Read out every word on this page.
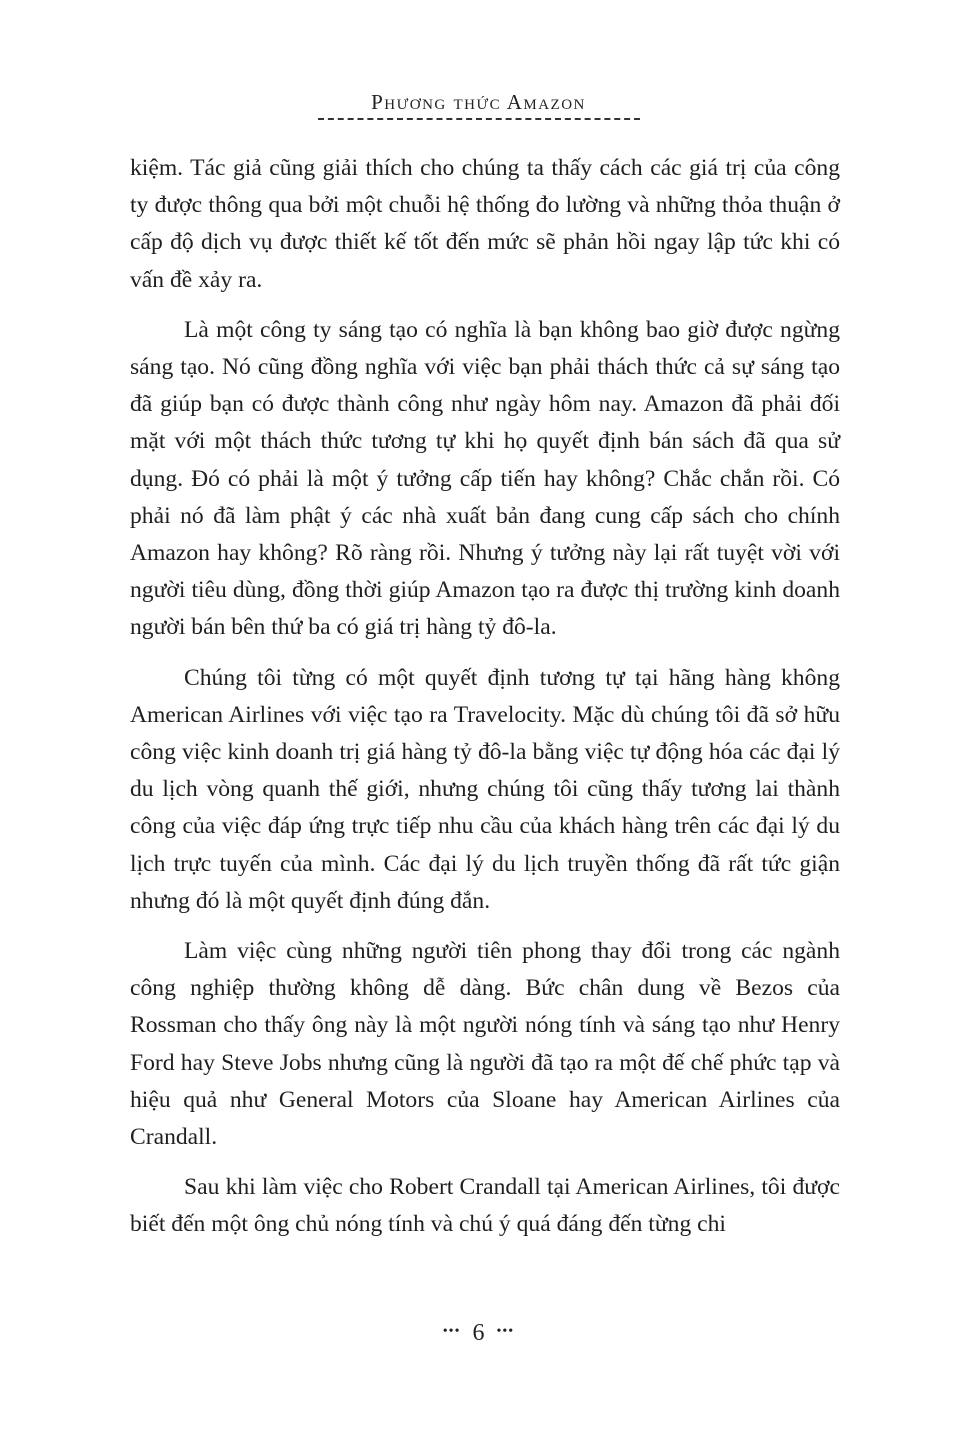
Phương thức Amazon

kiệm. Tác giả cũng giải thích cho chúng ta thấy cách các giá trị của công ty được thông qua bởi một chuỗi hệ thống đo lường và những thỏa thuận ở cấp độ dịch vụ được thiết kế tốt đến mức sẽ phản hồi ngay lập tức khi có vấn đề xảy ra.

Là một công ty sáng tạo có nghĩa là bạn không bao giờ được ngừng sáng tạo. Nó cũng đồng nghĩa với việc bạn phải thách thức cả sự sáng tạo đã giúp bạn có được thành công như ngày hôm nay. Amazon đã phải đối mặt với một thách thức tương tự khi họ quyết định bán sách đã qua sử dụng. Đó có phải là một ý tưởng cấp tiến hay không? Chắc chắn rồi. Có phải nó đã làm phật ý các nhà xuất bản đang cung cấp sách cho chính Amazon hay không? Rõ ràng rồi. Nhưng ý tưởng này lại rất tuyệt vời với người tiêu dùng, đồng thời giúp Amazon tạo ra được thị trường kinh doanh người bán bên thứ ba có giá trị hàng tỷ đô-la.

Chúng tôi từng có một quyết định tương tự tại hãng hàng không American Airlines với việc tạo ra Travelocity. Mặc dù chúng tôi đã sở hữu công việc kinh doanh trị giá hàng tỷ đô-la bằng việc tự động hóa các đại lý du lịch vòng quanh thế giới, nhưng chúng tôi cũng thấy tương lai thành công của việc đáp ứng trực tiếp nhu cầu của khách hàng trên các đại lý du lịch trực tuyến của mình. Các đại lý du lịch truyền thống đã rất tức giận nhưng đó là một quyết định đúng đắn.

Làm việc cùng những người tiên phong thay đổi trong các ngành công nghiệp thường không dễ dàng. Bức chân dung về Bezos của Rossman cho thấy ông này là một người nóng tính và sáng tạo như Henry Ford hay Steve Jobs nhưng cũng là người đã tạo ra một đế chế phức tạp và hiệu quả như General Motors của Sloane hay American Airlines của Crandall.

Sau khi làm việc cho Robert Crandall tại American Airlines, tôi được biết đến một ông chủ nóng tính và chú ý quá đáng đến từng chi

••• 6 •••
